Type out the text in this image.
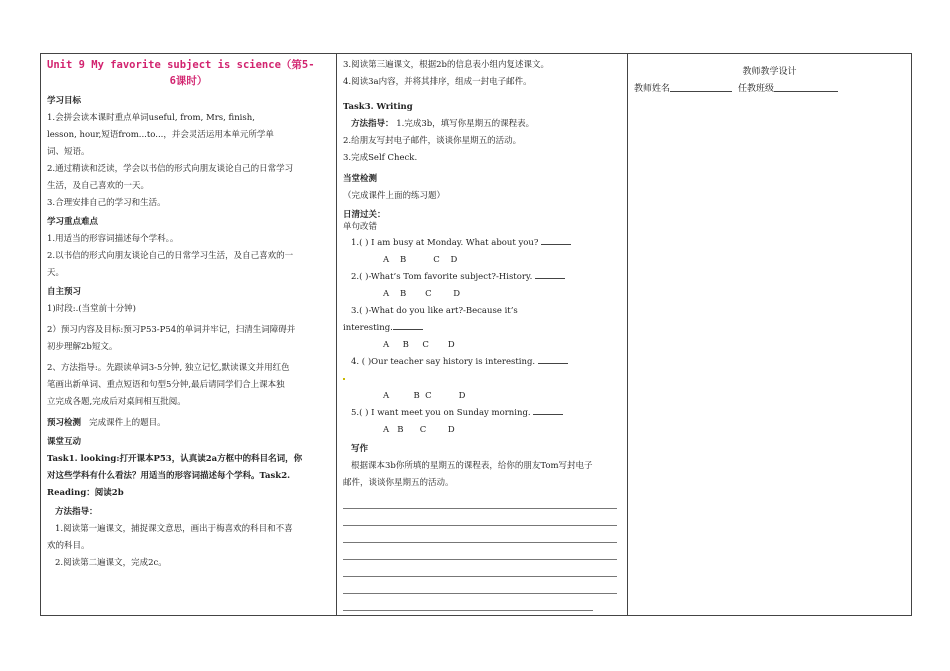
Unit 9 My favorite subject is science（第5-
6课时）
学习目标

1.会拼会读本课时重点单词useful, from, Mrs, finish,

lesson, hour,短语from...to...，并会灵活运用本单元所学单

词、短语。

2.通过精读和泛读，学会以书信的形式向朋友谈论自己的日常学习

生活，及自己喜欢的一天。

3.合理安排自己的学习和生活。

学习重点难点

1.用适当的形容词描述每个学科。。

2.以书信的形式向朋友谈论自己的日常学习生活，及自己喜欢的一

天。

自主预习

1)时段:.(当堂前十分钟)

2）预习内容及目标:预习P53-P54的单词并牢记，扫清生词障碍并

初步理解2b短文。

2、方法指导:。先跟读单词3-5分钟, 独立记忆,默读课文并用红色

笔画出新单词、重点短语和句型5分钟,最后请同学们合上课本独

立完成各题,完成后对桌间相互批阅。

预习检测 完成课件上的题目。

课堂互动

Task1. looking:打开课本P53，认真读2a方框中的科目名词，你

对这些学科有什么看法？用适当的形容词描述每个学科。Task2.

Reading：阅读2b

方法指导：

1.阅读第一遍课文，捕捉课文意思，画出于梅喜欢的科目和不喜

欢的科目。

2.阅读第二遍课文，完成2c。

3.阅读第三遍课文，根据2b的信息表小组内复述课文。

4.阅读3a内容，并将其排序，组成一封电子邮件。

Task3. Writing

方法指导： 1.完成3b，填写你星期五的课程表。

2.给朋友写封电子邮件，谈谈你星期五的活动。

3.完成Self Check.

当堂检测

（完成课件上面的练习题）

日清过关：

单句改错

1.( ) I am busy at Monday. What about you?

A    B          C    D

2.( )-What’s Tom favorite subject?-History.

A    B       C        D

3.( )-What do you like art?-Because it’s

interesting.

A     B     C       D

4. ( )Our teacher say history is interesting.

A         B  C          D

5.( ) I want meet you on Sunday morning.

A   B      C        D

写作

根据课本3b你所填的星期五的课程表，给你的朋友Tom写封电子

邮件，谈谈你星期五的活动。

教师教学设计
教师姓名	任教班级
